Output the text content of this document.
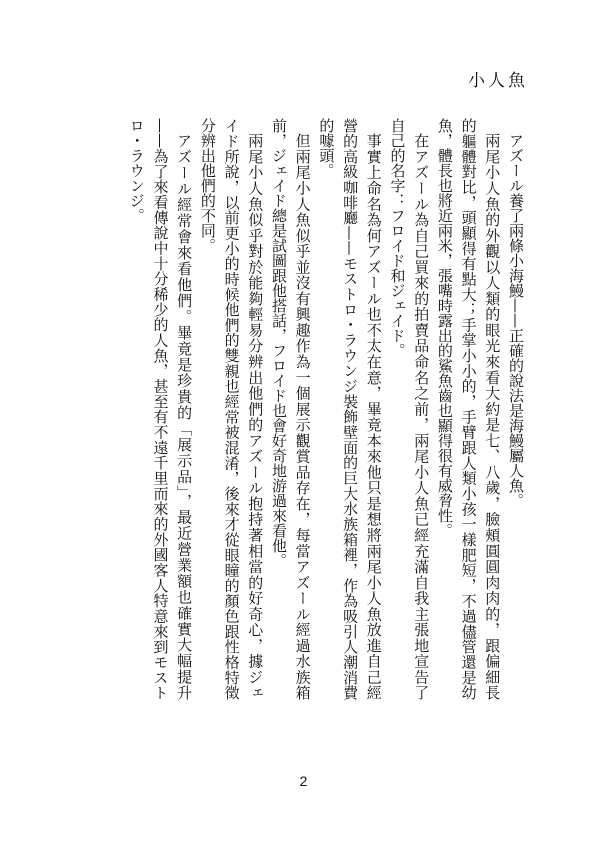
小人魚
アズール養了兩條小海鰻——正確的說法是海鰻屬人魚。
兩尾小人魚的外觀以人類的眼光來看大約是七、八歲，臉頰圓圓肉肉的，跟偏細長
的軀體對比，頭顯得有點大；手掌小小的，手臂跟人類小孩一樣肥短，不過儘管還是幼
魚，體長也將近兩米，張嘴時露出的鯊魚齒也顯得很有威脅性。
在アズール為自己買來的拍賣品命名之前，兩尾小人魚已經充滿自我主張地宣告了
自己的名字：フロイド和ジェイド。
事實上命名為何アズール也不太在意，畢竟本來他只是想將兩尾小人魚放進自己經
營的高級咖啡廳——モストロ・ラウンジ裝飾壁面的巨大水族箱裡，作為吸引人潮消費
的噱頭。
但兩尾小人魚似乎並沒有興趣作為一個展示觀賞品存在，每當アズール經過水族箱
前，ジェイド總是試圖跟他搭話，フロイド也會好奇地游過來看他。
兩尾小人魚似乎對於能夠輕易分辨出他們的アズール抱持著相當的好奇心，據ジェ
イド所說，以前更小的時候他們的雙親也經常被混淆，後來才從眼瞳的顏色跟性格特徵
分辨出他們的不同。
アズール經常會來看他們。畢竟是珍貴的「展示品」，最近營業額也確實大幅提升
——為了來看傳說中十分稀少的人魚，甚至有不遠千里而來的外國客人特意來到モスト
ロ・ラウンジ。
2
